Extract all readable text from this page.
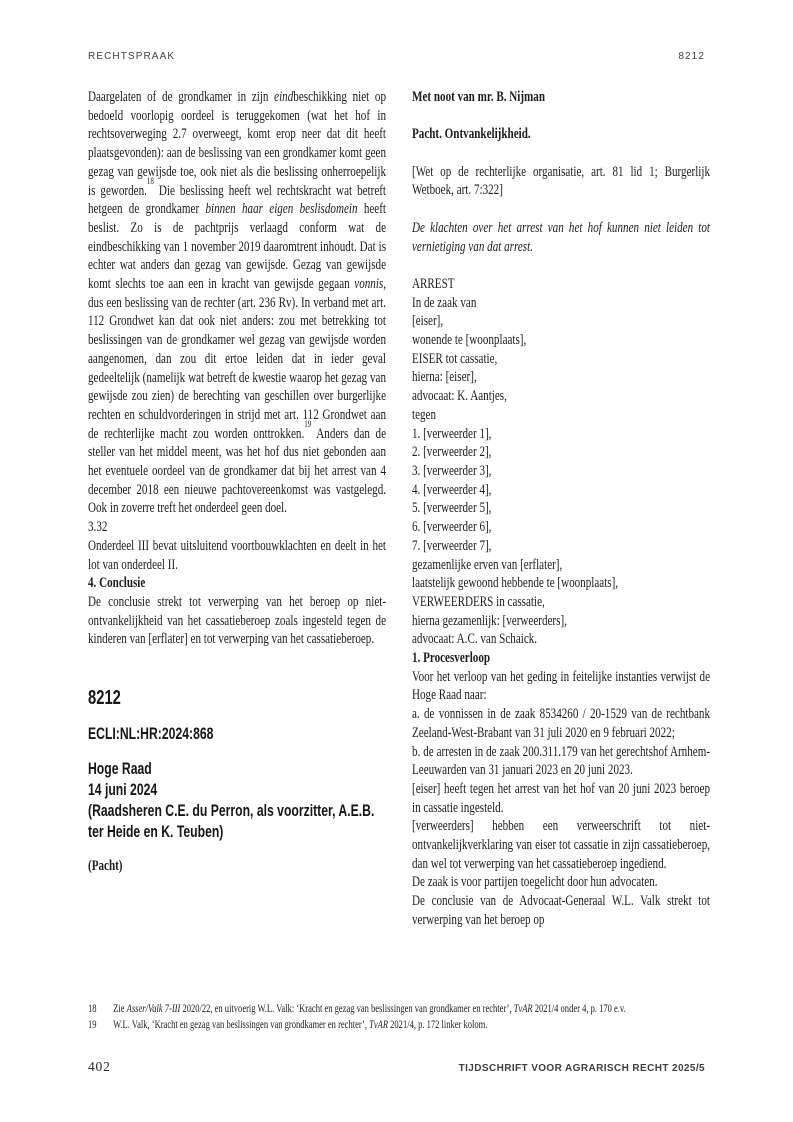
RECHTSPRAAK	8212
Daargelaten of de grondkamer in zijn eindbeschikking niet op bedoeld voorlopig oordeel is teruggekomen (wat het hof in rechtsoverweging 2.7 overweegt, komt erop neer dat dit heeft plaatsgevonden): aan de beslissing van een grondkamer komt geen gezag van gewijsde toe, ook niet als die beslissing onherroepelijk is geworden.$^{18}$ Die beslissing heeft wel rechtskracht wat betreft hetgeen de grondkamer binnen haar eigen beslisdomein heeft beslist. Zo is de pachtprijs verlaagd conform wat de eindbeschikking van 1 november 2019 daaromtrent inhoudt. Dat is echter wat anders dan gezag van gewijsde. Gezag van gewijsde komt slechts toe aan een in kracht van gewijsde gegaan vonnis, dus een beslissing van de rechter (art. 236 Rv). In verband met art. 112 Grondwet kan dat ook niet anders: zou met betrekking tot beslissingen van de grondkamer wel gezag van gewijsde worden aangenomen, dan zou dit ertoe leiden dat in ieder geval gedeeltelijk (namelijk wat betreft de kwestie waarop het gezag van gewijsde zou zien) de berechting van geschillen over burgerlijke rechten en schuldvorderingen in strijd met art. 112 Grondwet aan de rechterlijke macht zou worden onttrokken.$^{19}$ Anders dan de steller van het middel meent, was het hof dus niet gebonden aan het eventuele oordeel van de grondkamer dat bij het arrest van 4 december 2018 een nieuwe pachtovereenkomst was vastgelegd. Ook in zoverre treft het onderdeel geen doel.
3.32
Onderdeel III bevat uitsluitend voortbouwklachten en deelt in het lot van onderdeel II.
4. Conclusie
De conclusie strekt tot verwerping van het beroep op niet-ontvankelijkheid van het cassatieberoep zoals ingesteld tegen de kinderen van [erflater] en tot verwerping van het cassatieberoep.
8212
ECLI:NL:HR:2024:868
Hoge Raad
14 juni 2024
(Raadsheren C.E. du Perron, als voorzitter, A.E.B. ter Heide en K. Teuben)
(Pacht)
Met noot van mr. B. Nijman
Pacht. Ontvankelijkheid.
[Wet op de rechterlijke organisatie, art. 81 lid 1; Burgerlijk Wetboek, art. 7:322]
De klachten over het arrest van het hof kunnen niet leiden tot vernietiging van dat arrest.
ARREST
In de zaak van
[eiser],
wonende te [woonplaats],
EISER tot cassatie,
hierna: [eiser],
advocaat: K. Aantjes,
tegen
1. [verweerder 1],
2. [verweerder 2],
3. [verweerder 3],
4. [verweerder 4],
5. [verweerder 5],
6. [verweerder 6],
7. [verweerder 7],
gezamenlijke erven van [erflater],
laatstelijk gewoond hebbende te [woonplaats],
VERWEERDERS in cassatie,
hierna gezamenlijk: [verweerders],
advocaat: A.C. van Schaick.
1. Procesverloop
Voor het verloop van het geding in feitelijke instanties verwijst de Hoge Raad naar:
a. de vonnissen in de zaak 8534260 / 20-1529 van de rechtbank Zeeland-West-Brabant van 31 juli 2020 en 9 februari 2022;
b. de arresten in de zaak 200.311.179 van het gerechtshof Arnhem-Leeuwarden van 31 januari 2023 en 20 juni 2023.
[eiser] heeft tegen het arrest van het hof van 20 juni 2023 beroep in cassatie ingesteld.
[verweerders] hebben een verweerschrift tot niet-ontvankelijkverklaring van eiser tot cassatie in zijn cassatieberoep, dan wel tot verwerping van het cassatieberoep ingediend.
De zaak is voor partijen toegelicht door hun advocaten.
De conclusie van de Advocaat-Generaal W.L. Valk strekt tot verwerping van het beroep op
18	Zie Asser/Valk 7-III 2020/22, en uitvoerig W.L. Valk: ‘Kracht en gezag van beslissingen van grondkamer en rechter’, TvAR 2021/4 onder 4, p. 170 e.v.
19	W.L. Valk, ‘Kracht en gezag van beslissingen van grondkamer en rechter’, TvAR 2021/4, p. 172 linker kolom.
402	TIJDSCHRIFT VOOR AGRARISCH RECHT 2025/5
